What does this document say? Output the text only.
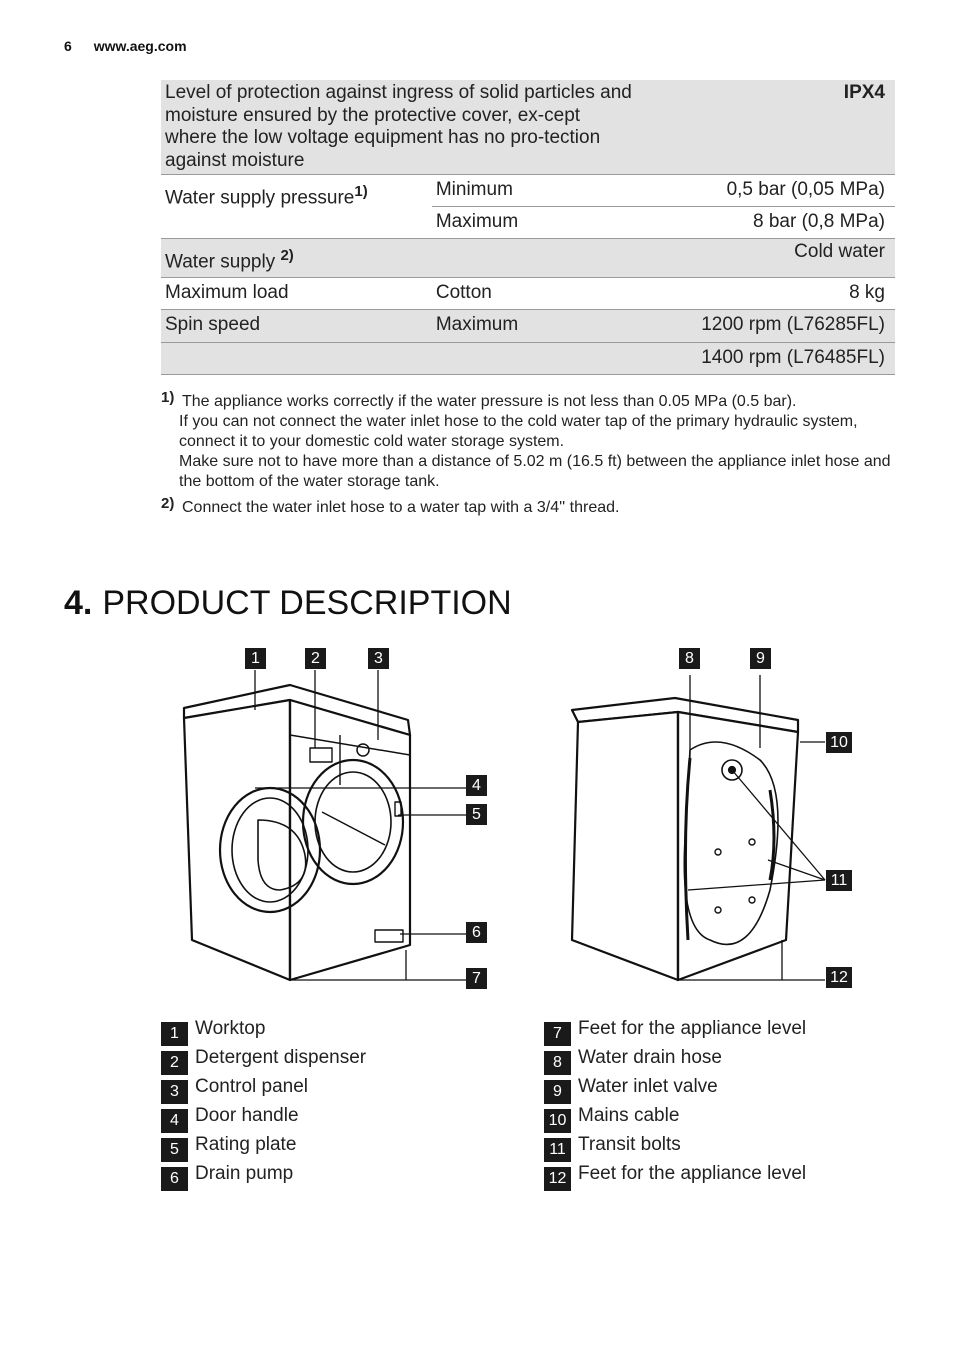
6 www.aeg.com
Level of protection against ingress of solid particles and moisture ensured by the protective cover, ex-cept where the low voltage equipment has no pro-tection against moisture		IPX4
Water supply pressure$^{1)}$	Minimum	0,5 bar (0,05 MPa)
	Maximum	8 bar (0,8 MPa)
Water supply $^{2)}$		Cold water
Maximum load	Cotton	8 kg
Spin speed	Maximum	1200 rpm (L76285FL)
		1400 rpm (L76485FL)
1) The appliance works correctly if the water pressure is not less than 0.05 MPa (0.5 bar).
If you can not connect the water inlet hose to the cold water tap of the primary hydraulic system, connect it to your domestic cold water storage system.
Make sure not to have more than a distance of 5.02 m (16.5 ft) between the appliance inlet hose and the bottom of the water storage tank.
2) Connect the water inlet hose to a water tap with a 3/4'' thread.
4. PRODUCT DESCRIPTION
1	2	3
4
5
6
7
8	9
10
11
12
1 Worktop
2 Detergent dispenser
3 Control panel
4 Door handle
5 Rating plate
6 Drain pump
7 Feet for the appliance level
8 Water drain hose
9 Water inlet valve
10 Mains cable
11 Transit bolts
12 Feet for the appliance level
